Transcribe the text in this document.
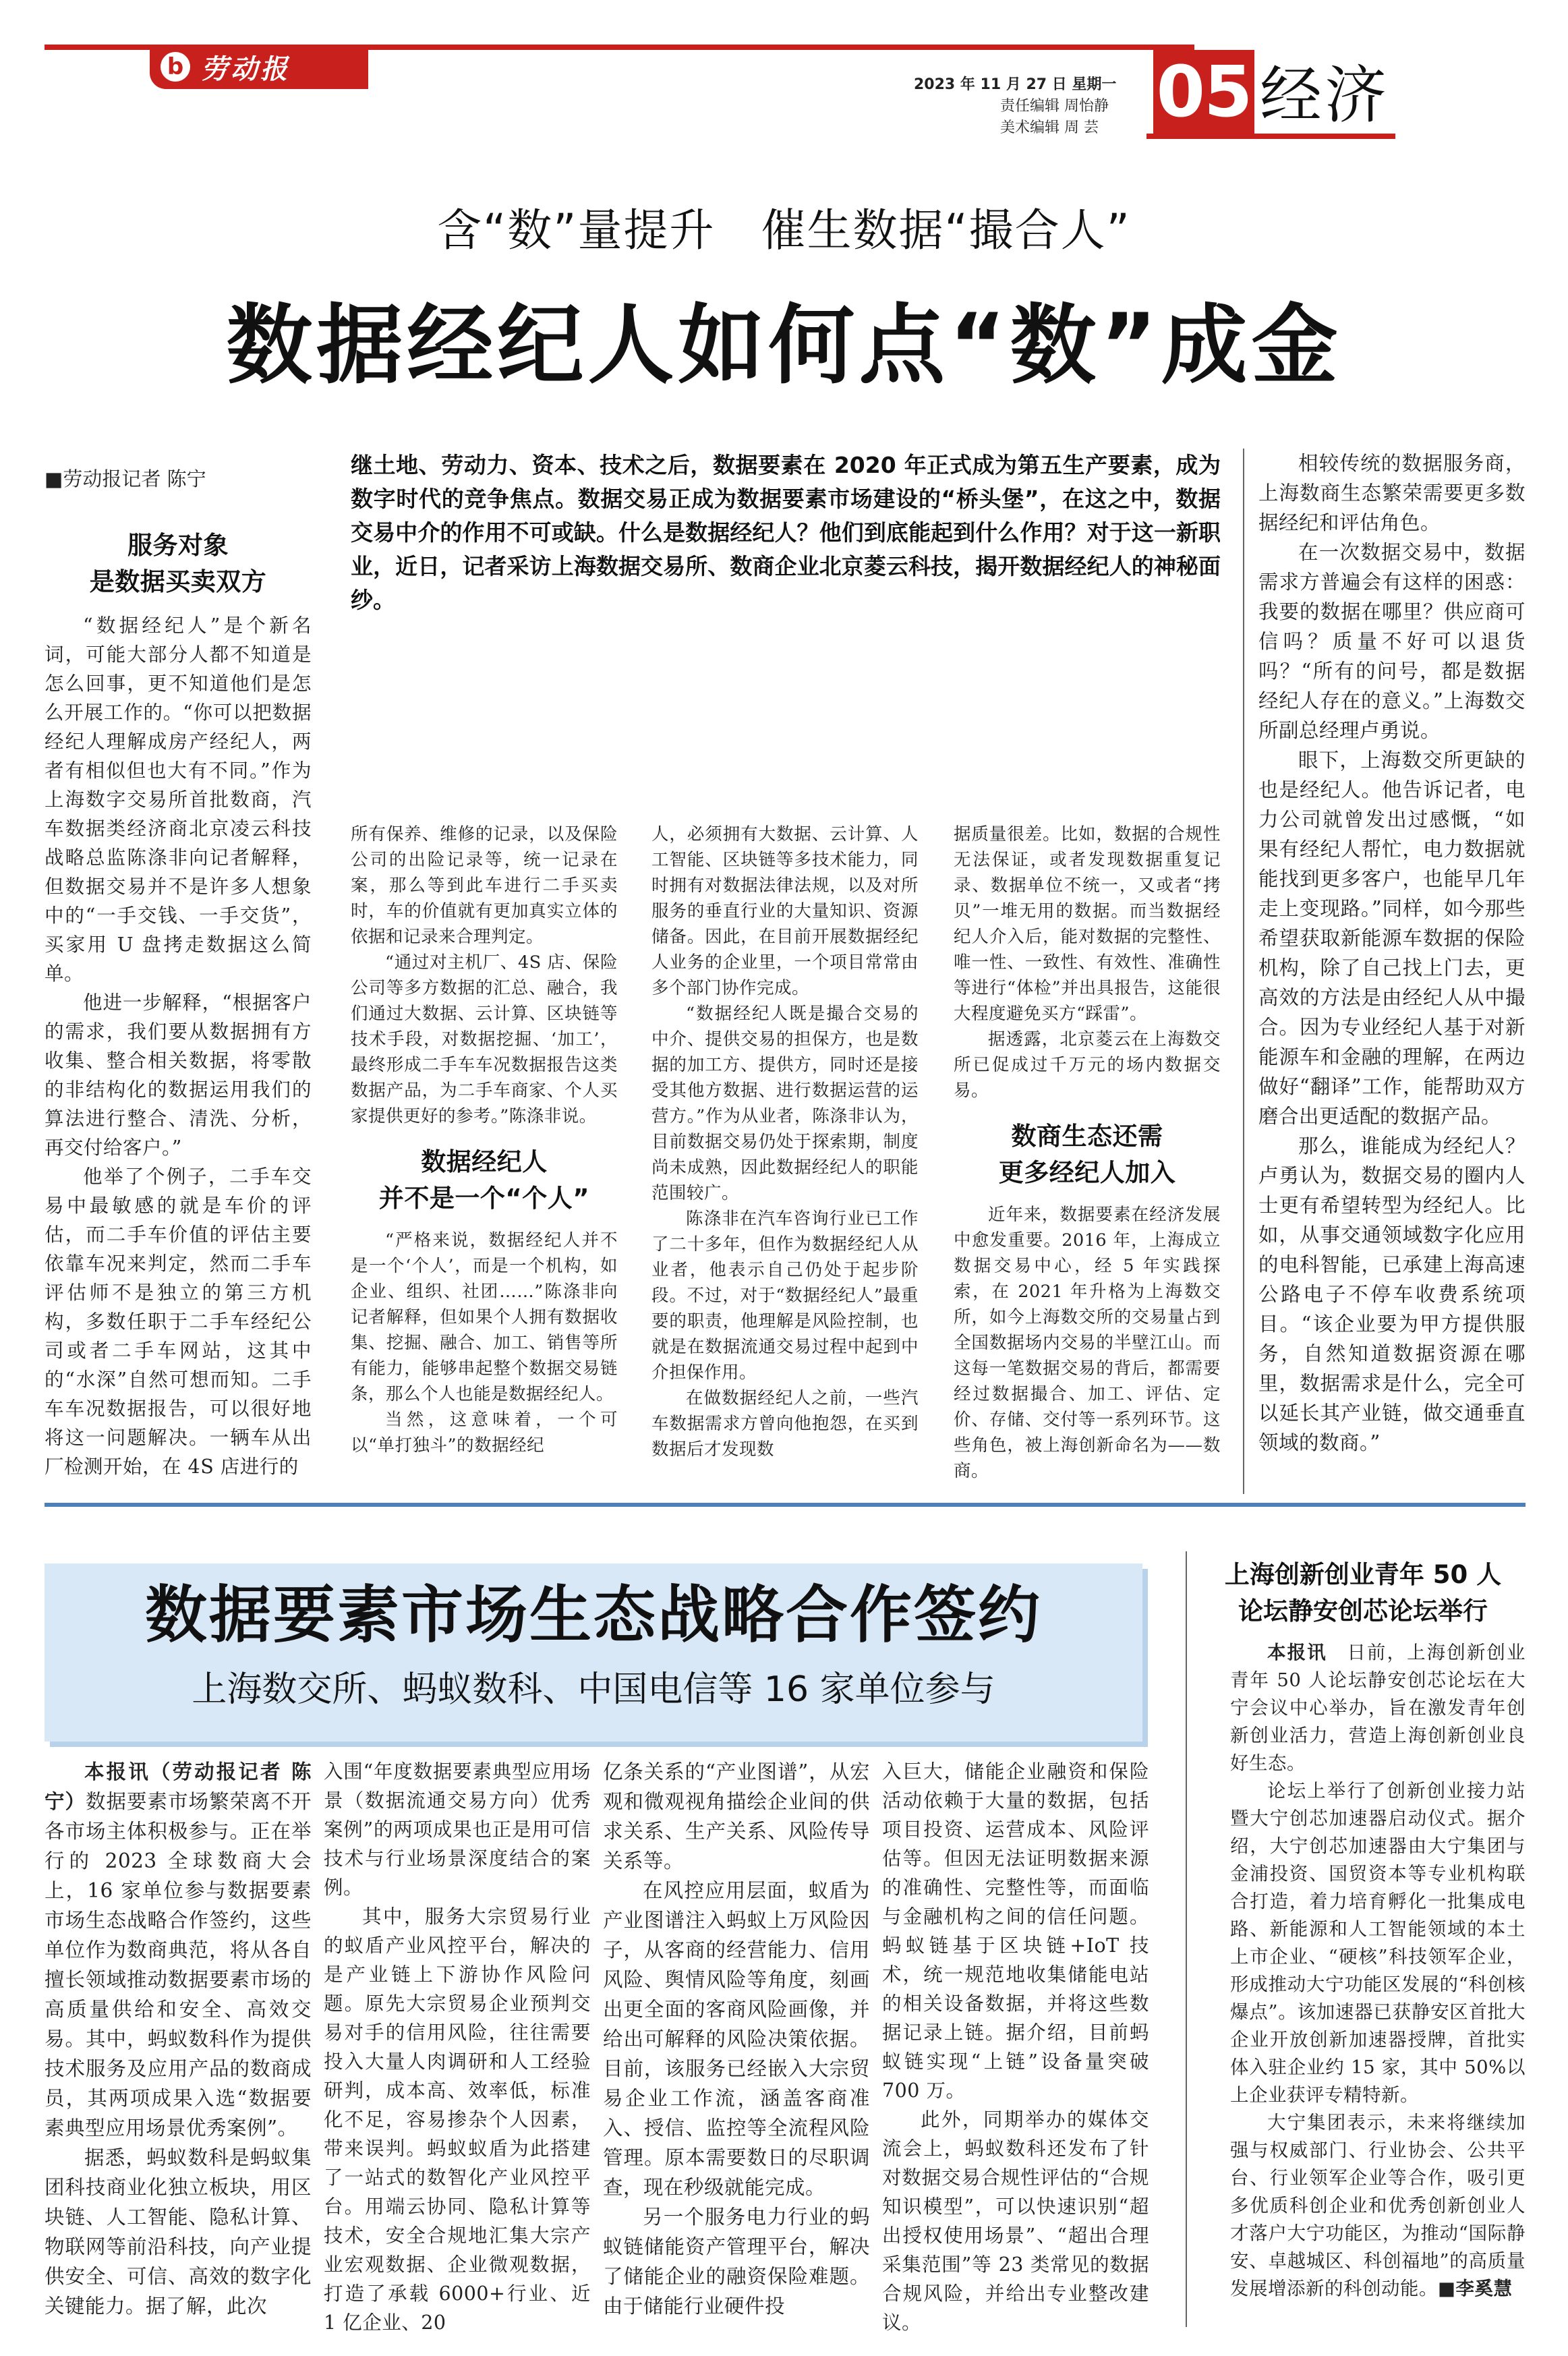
b 劳动报	2023 年 11 月 27 日 星期一
责任编辑 周怡静
美术编辑 周 芸 05 经济
含“数”量提升　催生数据“撮合人”
数据经纪人如何点“数”成金
■劳动报记者 陈宁
继土地、劳动力、资本、技术之后，数据要素在 2020 年正式成为第五生产要素，成为数字时代的竞争焦点。数据交易正成为数据要素市场建设的“桥头堡”，在这之中，数据交易中介的作用不可或缺。什么是数据经纪人？他们到底能起到什么作用？对于这一新职业，近日，记者采访上海数据交易所、数商企业北京菱云科技，揭开数据经纪人的神秘面纱。
服务对象
是数据买卖双方

“数据经纪人”是个新名词，可能大部分人都不知道是怎么回事，更不知道他们是怎么开展工作的。“你可以把数据经纪人理解成房产经纪人，两者有相似但也大有不同。”作为上海数字交易所首批数商，汽车数据类经济商北京凌云科技战略总监陈涤非向记者解释，但数据交易并不是许多人想象中的“一手交钱、一手交货”，买家用 U 盘拷走数据这么简单。

他进一步解释，“根据客户的需求，我们要从数据拥有方收集、整合相关数据，将零散的非结构化的数据运用我们的算法进行整合、清洗、分析，再交付给客户。”

他举了个例子，二手车交易中最敏感的就是车价的评估，而二手车价值的评估主要依靠车况来判定，然而二手车评估师不是独立的第三方机构，多数任职于二手车经纪公司或者二手车网站，这其中的“水深”自然可想而知。二手车车况数据报告，可以很好地将这一问题解决。一辆车从出厂检测开始，在 4S 店进行的

所有保养、维修的记录，以及保险公司的出险记录等，统一记录在案，那么等到此车进行二手买卖时，车的价值就有更加真实立体的依据和记录来合理判定。

“通过对主机厂、4S 店、保险公司等多方数据的汇总、融合，我们通过大数据、云计算、区块链等技术手段，对数据挖掘、‘加工’，最终形成二手车车况数据报告这类数据产品，为二手车商家、个人买家提供更好的参考。”陈涤非说。

数据经纪人
并不是一个“个人”

“严格来说，数据经纪人并不是一个‘个人’，而是一个机构，如企业、组织、社团……”陈涤非向记者解释，但如果个人拥有数据收集、挖掘、融合、加工、销售等所有能力，能够串起整个数据交易链条，那么个人也能是数据经纪人。

当然，这意味着，一个可以“单打独斗”的数据经纪

人，必须拥有大数据、云计算、人工智能、区块链等多技术能力，同时拥有对数据法律法规，以及对所服务的垂直行业的大量知识、资源储备。因此，在目前开展数据经纪人业务的企业里，一个项目常常由多个部门协作完成。

“数据经纪人既是撮合交易的中介、提供交易的担保方，也是数据的加工方、提供方，同时还是接受其他方数据、进行数据运营的运营方。”作为从业者，陈涤非认为，目前数据交易仍处于探索期，制度尚未成熟，因此数据经纪人的职能范围较广。

陈涤非在汽车咨询行业已工作了二十多年，但作为数据经纪人从业者，他表示自己仍处于起步阶段。不过，对于“数据经纪人”最重要的职责，他理解是风险控制，也就是在数据流通交易过程中起到中介担保作用。

在做数据经纪人之前，一些汽车数据需求方曾向他抱怨，在买到数据后才发现数

据质量很差。比如，数据的合规性无法保证，或者发现数据重复记录、数据单位不统一，又或者“拷贝”一堆无用的数据。而当数据经纪人介入后，能对数据的完整性、唯一性、一致性、有效性、准确性等进行“体检”并出具报告，这能很大程度避免买方“踩雷”。

据透露，北京菱云在上海数交所已促成过千万元的场内数据交易。

数商生态还需
更多经纪人加入

近年来，数据要素在经济发展中愈发重要。2016 年，上海成立数据交易中心，经 5 年实践探索，在 2021 年升格为上海数交所，如今上海数交所的交易量占到全国数据场内交易的半壁江山。而这每一笔数据交易的背后，都需要经过数据撮合、加工、评估、定价、存储、交付等一系列环节。这些角色，被上海创新命名为——数商。

相较传统的数据服务商，上海数商生态繁荣需要更多数据经纪和评估角色。

在一次数据交易中，数据需求方普遍会有这样的困惑：我要的数据在哪里？供应商可信吗？质量不好可以退货吗？“所有的问号，都是数据经纪人存在的意义。”上海数交所副总经理卢勇说。

眼下，上海数交所更缺的也是经纪人。他告诉记者，电力公司就曾发出过感慨，“如果有经纪人帮忙，电力数据就能找到更多客户，也能早几年走上变现路。”同样，如今那些希望获取新能源车数据的保险机构，除了自己找上门去，更高效的方法是由经纪人从中撮合。因为专业经纪人基于对新能源车和金融的理解，在两边做好“翻译”工作，能帮助双方磨合出更适配的数据产品。

那么，谁能成为经纪人？卢勇认为，数据交易的圈内人士更有希望转型为经纪人。比如，从事交通领域数字化应用的电科智能，已承建上海高速公路电子不停车收费系统项目。“该企业要为甲方提供服务，自然知道数据资源在哪里，数据需求是什么，完全可以延长其产业链，做交通垂直领域的数商。”

数据要素市场生态战略合作签约
上海数交所、蚂蚁数科、中国电信等 16 家单位参与

本报讯（劳动报记者 陈宁）数据要素市场繁荣离不开各市场主体积极参与。正在举行的 2023 全球数商大会上，16 家单位参与数据要素市场生态战略合作签约，这些单位作为数商典范，将从各自擅长领域推动数据要素市场的高质量供给和安全、高效交易。其中，蚂蚁数科作为提供技术服务及应用产品的数商成员，其两项成果入选“数据要素典型应用场景优秀案例”。

据悉，蚂蚁数科是蚂蚁集团科技商业化独立板块，用区块链、人工智能、隐私计算、物联网等前沿科技，向产业提供安全、可信、高效的数字化关键能力。据了解，此次

入围“年度数据要素典型应用场景（数据流通交易方向）优秀案例”的两项成果也正是用可信技术与行业场景深度结合的案例。

其中，服务大宗贸易行业的蚁盾产业风控平台，解决的是产业链上下游协作风险问题。原先大宗贸易企业预判交易对手的信用风险，往往需要投入大量人肉调研和人工经验研判，成本高、效率低，标准化不足，容易掺杂个人因素，带来误判。蚂蚁蚁盾为此搭建了一站式的数智化产业风控平台。用端云协同、隐私计算等技术，安全合规地汇集大宗产业宏观数据、企业微观数据，打造了承载 6000+行业、近 1 亿企业、20

亿条关系的“产业图谱”，从宏观和微观视角描绘企业间的供求关系、生产关系、风险传导关系等。

在风控应用层面，蚁盾为产业图谱注入蚂蚁上万风险因子，从客商的经营能力、信用风险、舆情风险等角度，刻画出更全面的客商风险画像，并给出可解释的风险决策依据。目前，该服务已经嵌入大宗贸易企业工作流，涵盖客商准入、授信、监控等全流程风险管理。原本需要数日的尽职调查，现在秒级就能完成。

另一个服务电力行业的蚂蚁链储能资产管理平台，解决了储能企业的融资保险难题。由于储能行业硬件投

入巨大，储能企业融资和保险活动依赖于大量的数据，包括项目投资、运营成本、风险评估等。但因无法证明数据来源的准确性、完整性等，而面临与金融机构之间的信任问题。蚂蚁链基于区块链+IoT 技术，统一规范地收集储能电站的相关设备数据，并将这些数据记录上链。据介绍，目前蚂蚁链实现“上链”设备量突破 700 万。

此外，同期举办的媒体交流会上，蚂蚁数科还发布了针对数据交易合规性评估的“合规知识模型”，可以快速识别“超出授权使用场景”、“超出合理采集范围”等 23 类常见的数据合规风险，并给出专业整改建议。

上海创新创业青年 50 人
论坛静安创芯论坛举行

本报讯　 日前，上海创新创业青年 50 人论坛静安创芯论坛在大宁会议中心举办，旨在激发青年创新创业活力，营造上海创新创业良好生态。

论坛上举行了创新创业接力站暨大宁创芯加速器启动仪式。据介绍，大宁创芯加速器由大宁集团与金浦投资、国贸资本等专业机构联合打造，着力培育孵化一批集成电路、新能源和人工智能领域的本土上市企业、“硬核”科技领军企业，形成推动大宁功能区发展的“科创核爆点”。该加速器已获静安区首批大企业开放创新加速器授牌，首批实体入驻企业约 15 家，其中 50%以上企业获评专精特新。

大宁集团表示，未来将继续加强与权威部门、行业协会、公共平台、行业领军企业等合作，吸引更多优质科创企业和优秀创新创业人才落户大宁功能区，为推动“国际静安、卓越城区、科创福地”的高质量发展增添新的科创动能。■李奚慧
